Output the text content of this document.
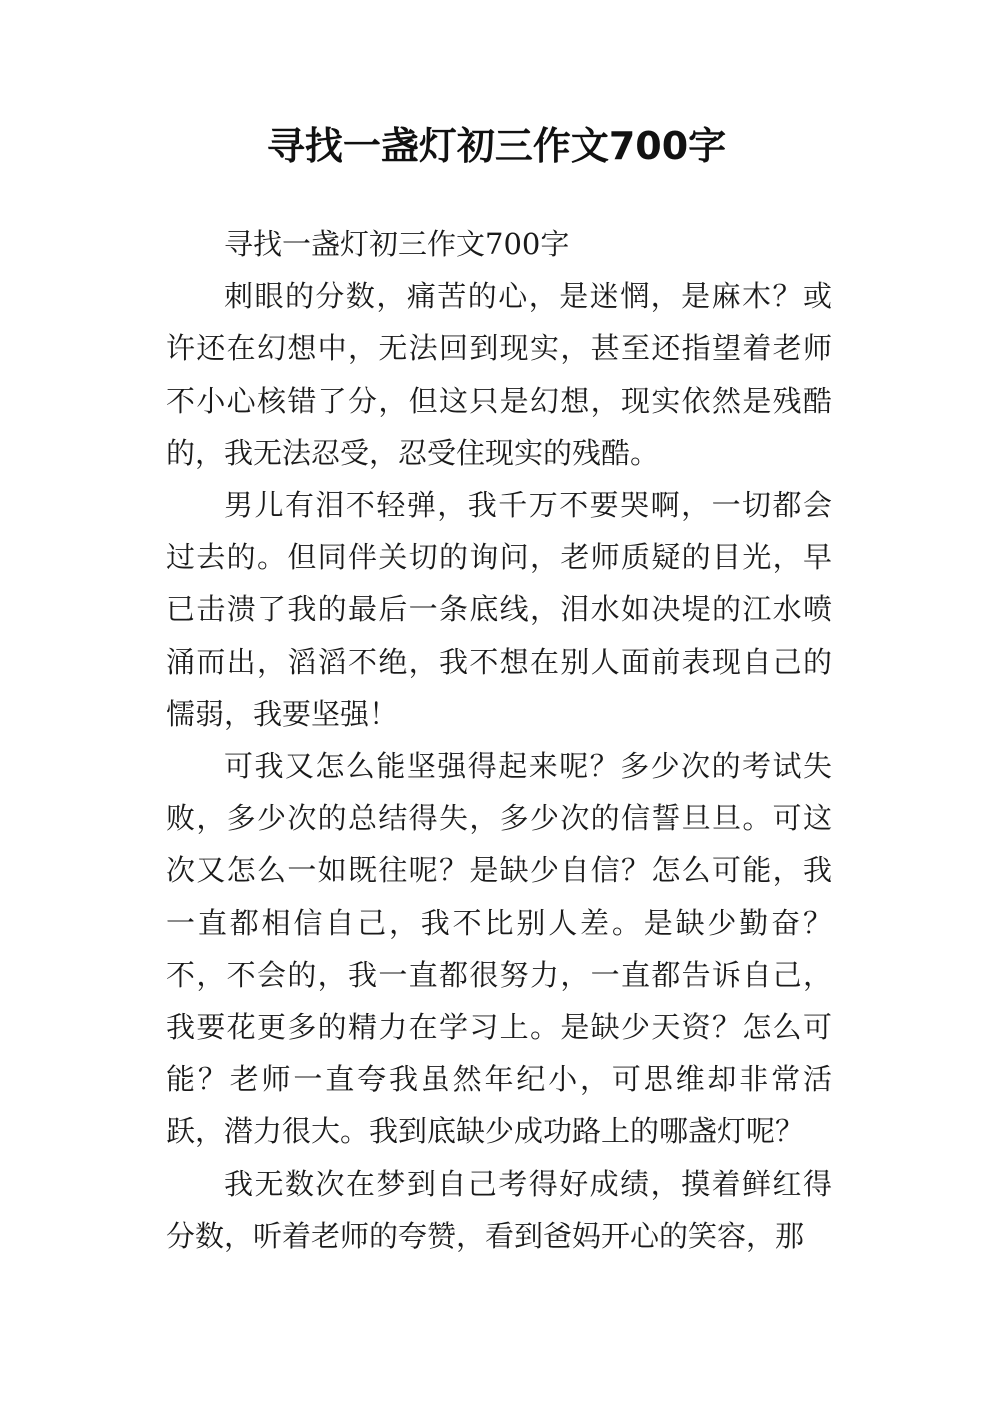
寻找一盏灯初三作文700字

寻找一盏灯初三作文700字

刺眼的分数，痛苦的心，是迷惘，是麻木？或许还在幻想中，无法回到现实，甚至还指望着老师不小心核错了分，但这只是幻想，现实依然是残酷的，我无法忍受，忍受住现实的残酷。

男儿有泪不轻弹，我千万不要哭啊，一切都会过去的。但同伴关切的询问，老师质疑的目光，早已击溃了我的最后一条底线，泪水如决堤的江水喷涌而出，滔滔不绝，我不想在别人面前表现自己的懦弱，我要坚强！

可我又怎么能坚强得起来呢？多少次的考试失败，多少次的总结得失，多少次的信誓旦旦。可这次又怎么一如既往呢？是缺少自信？怎么可能，我一直都相信自己，我不比别人差。是缺少勤奋？不，不会的，我一直都很努力，一直都告诉自己，我要花更多的精力在学习上。是缺少天资？怎么可能？老师一直夸我虽然年纪小，可思维却非常活跃，潜力很大。我到底缺少成功路上的哪盏灯呢？

我无数次在梦到自己考得好成绩，摸着鲜红得分数，听着老师的夸赞，看到爸妈开心的笑容，那
